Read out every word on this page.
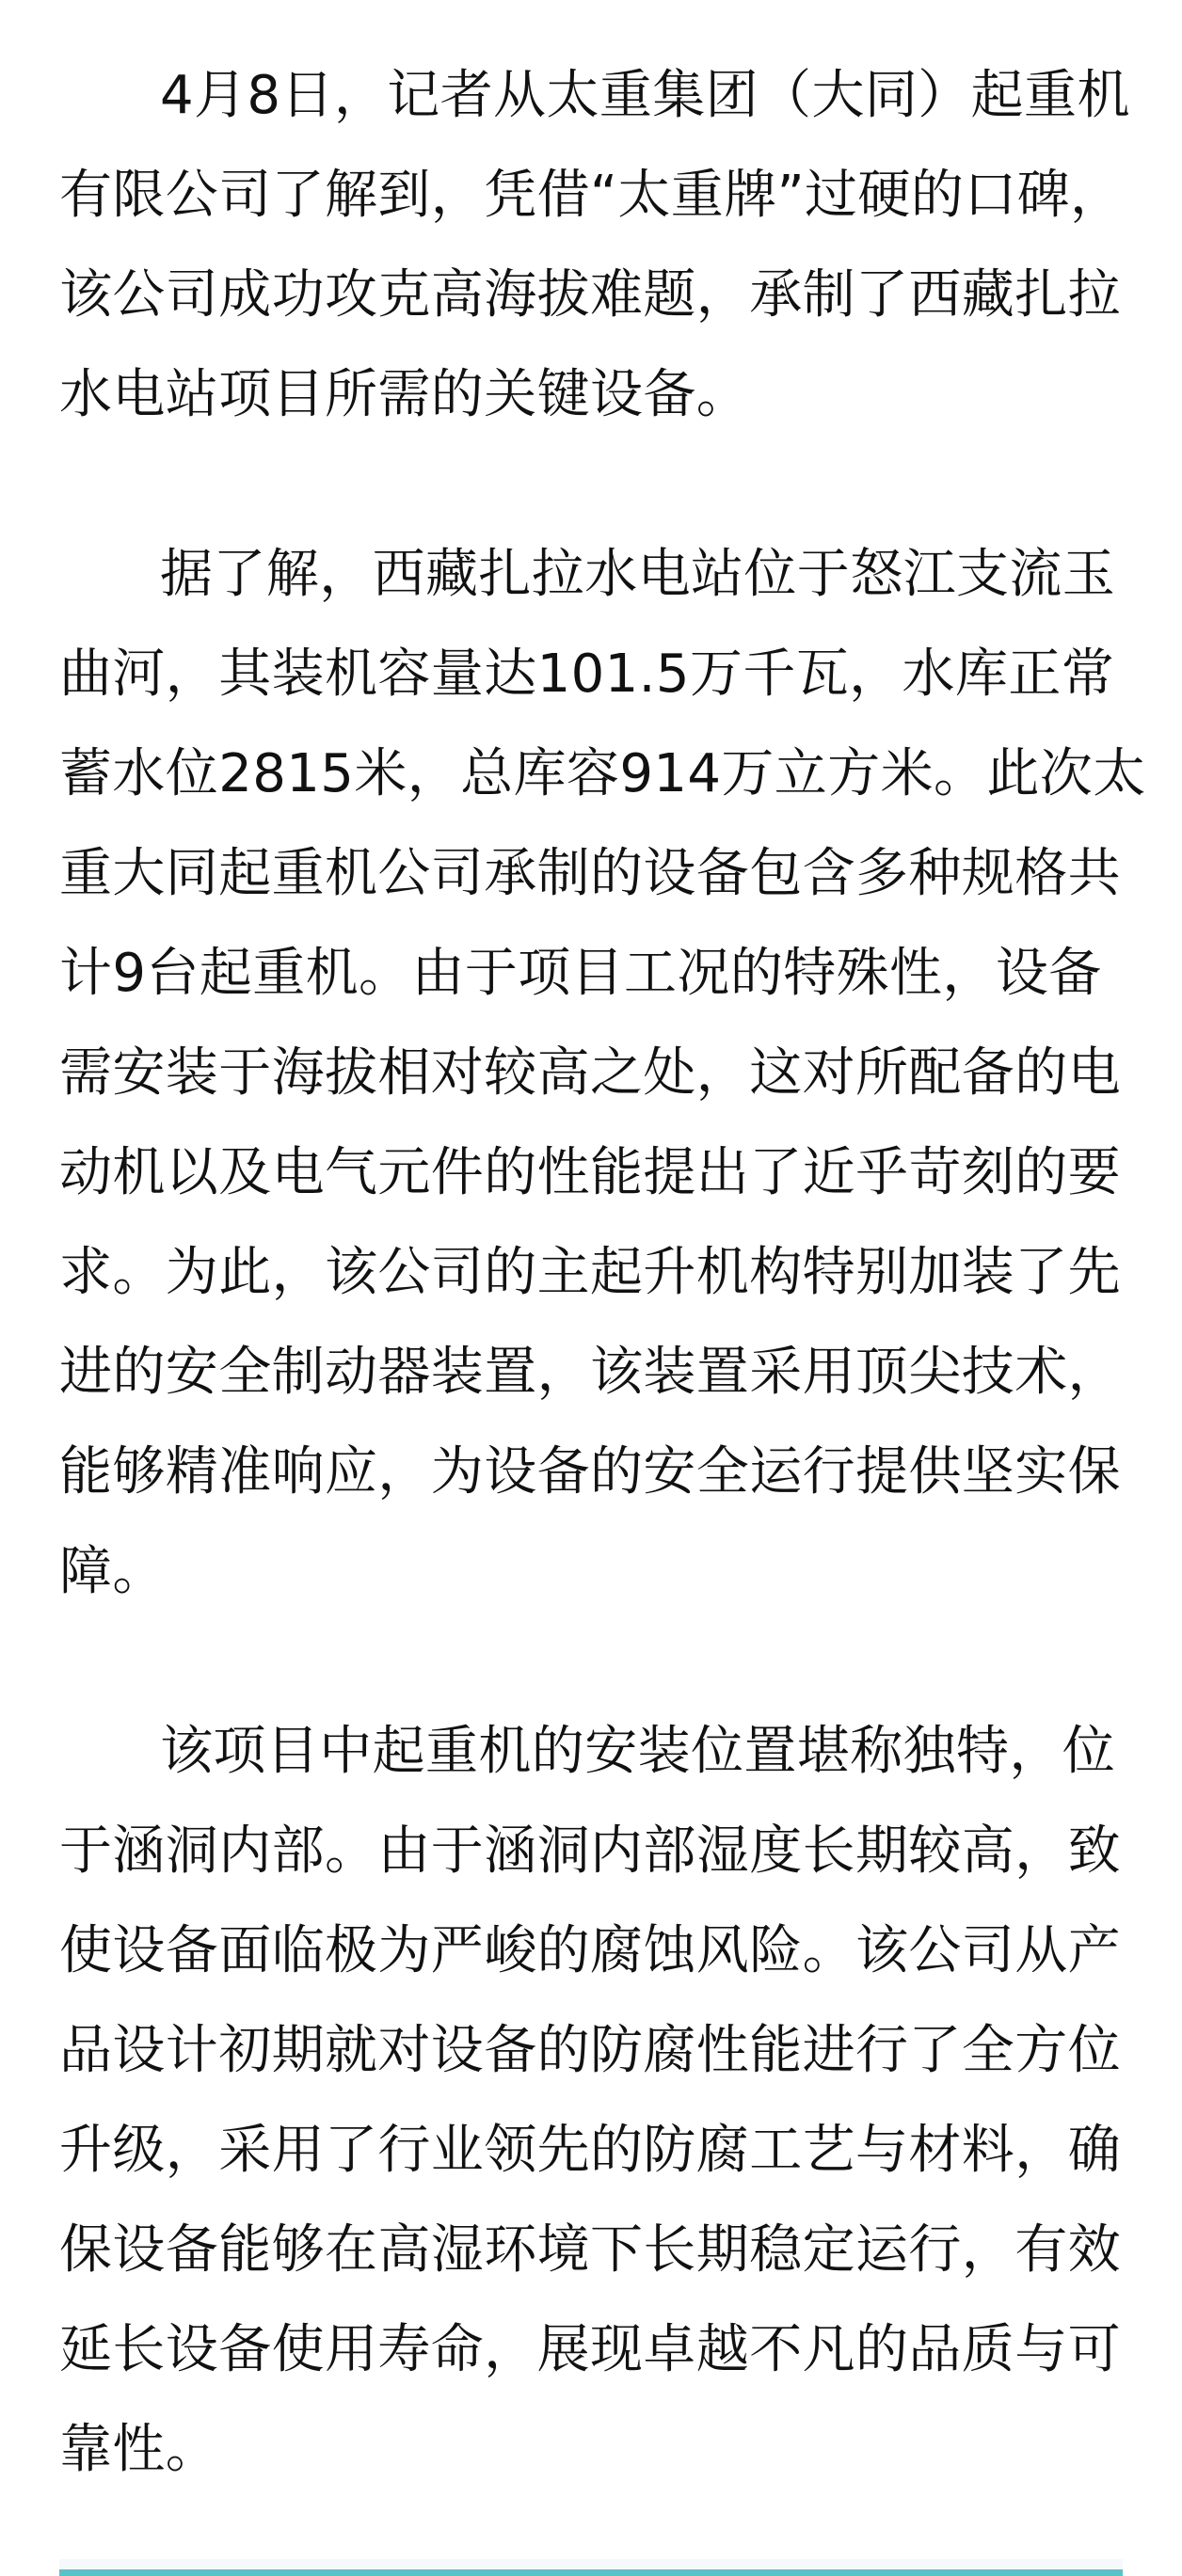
4月8日，记者从太重集团（大同）起重机
有限公司了解到，凭借“太重牌”过硬的口碑，
该公司成功攻克高海拔难题，承制了西藏扎拉
水电站项目所需的关键设备。
据了解，西藏扎拉水电站位于怒江支流玉
曲河，其装机容量达101.5万千瓦，水库正常
蓄水位2815米，总库容914万立方米。此次太
重大同起重机公司承制的设备包含多种规格共
计9台起重机。由于项目工况的特殊性，设备
需安装于海拔相对较高之处，这对所配备的电
动机以及电气元件的性能提出了近乎苛刻的要
求。为此，该公司的主起升机构特别加装了先
进的安全制动器装置，该装置采用顶尖技术，
能够精准响应，为设备的安全运行提供坚实保
障。
该项目中起重机的安装位置堪称独特，位
于涵洞内部。由于涵洞内部湿度长期较高，致
使设备面临极为严峻的腐蚀风险。该公司从产
品设计初期就对设备的防腐性能进行了全方位
升级，采用了行业领先的防腐工艺与材料，确
保设备能够在高湿环境下长期稳定运行，有效
延长设备使用寿命，展现卓越不凡的品质与可
靠性。
